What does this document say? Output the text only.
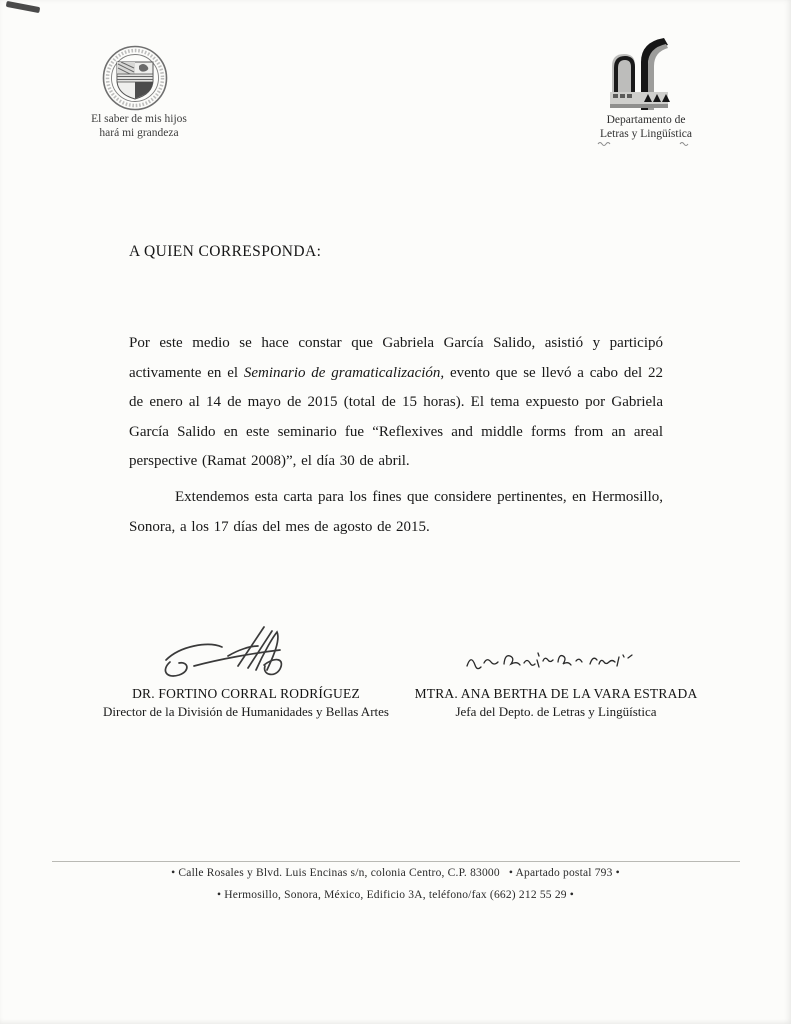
El saber de mis hijos
hará mi grandeza
Departamento de
Letras y Lingüística
A QUIEN CORRESPONDA:

Por este medio se hace constar que Gabriela García Salido, asistió y participó activamente en el Seminario de gramaticalización, evento que se llevó a cabo del 22 de enero al 14 de mayo de 2015 (total de 15 horas). El tema expuesto por Gabriela García Salido en este seminario fue “Reflexives and middle forms from an areal perspective (Ramat 2008)”, el día 30 de abril.

Extendemos esta carta para los fines que considere pertinentes, en Hermosillo, Sonora, a los 17 días del mes de agosto de 2015.

DR. FORTINO CORRAL RODRÍGUEZ
Director de la División de Humanidades y Bellas Artes
MTRA. ANA BERTHA DE LA VARA ESTRADA
Jefa del Depto. de Letras y Lingüística
• Calle Rosales y Blvd. Luis Encinas s/n, colonia Centro, C.P. 83000  • Apartado postal 793 •
• Hermosillo, Sonora, México, Edificio 3A, teléfono/fax (662) 212 55 29 •
